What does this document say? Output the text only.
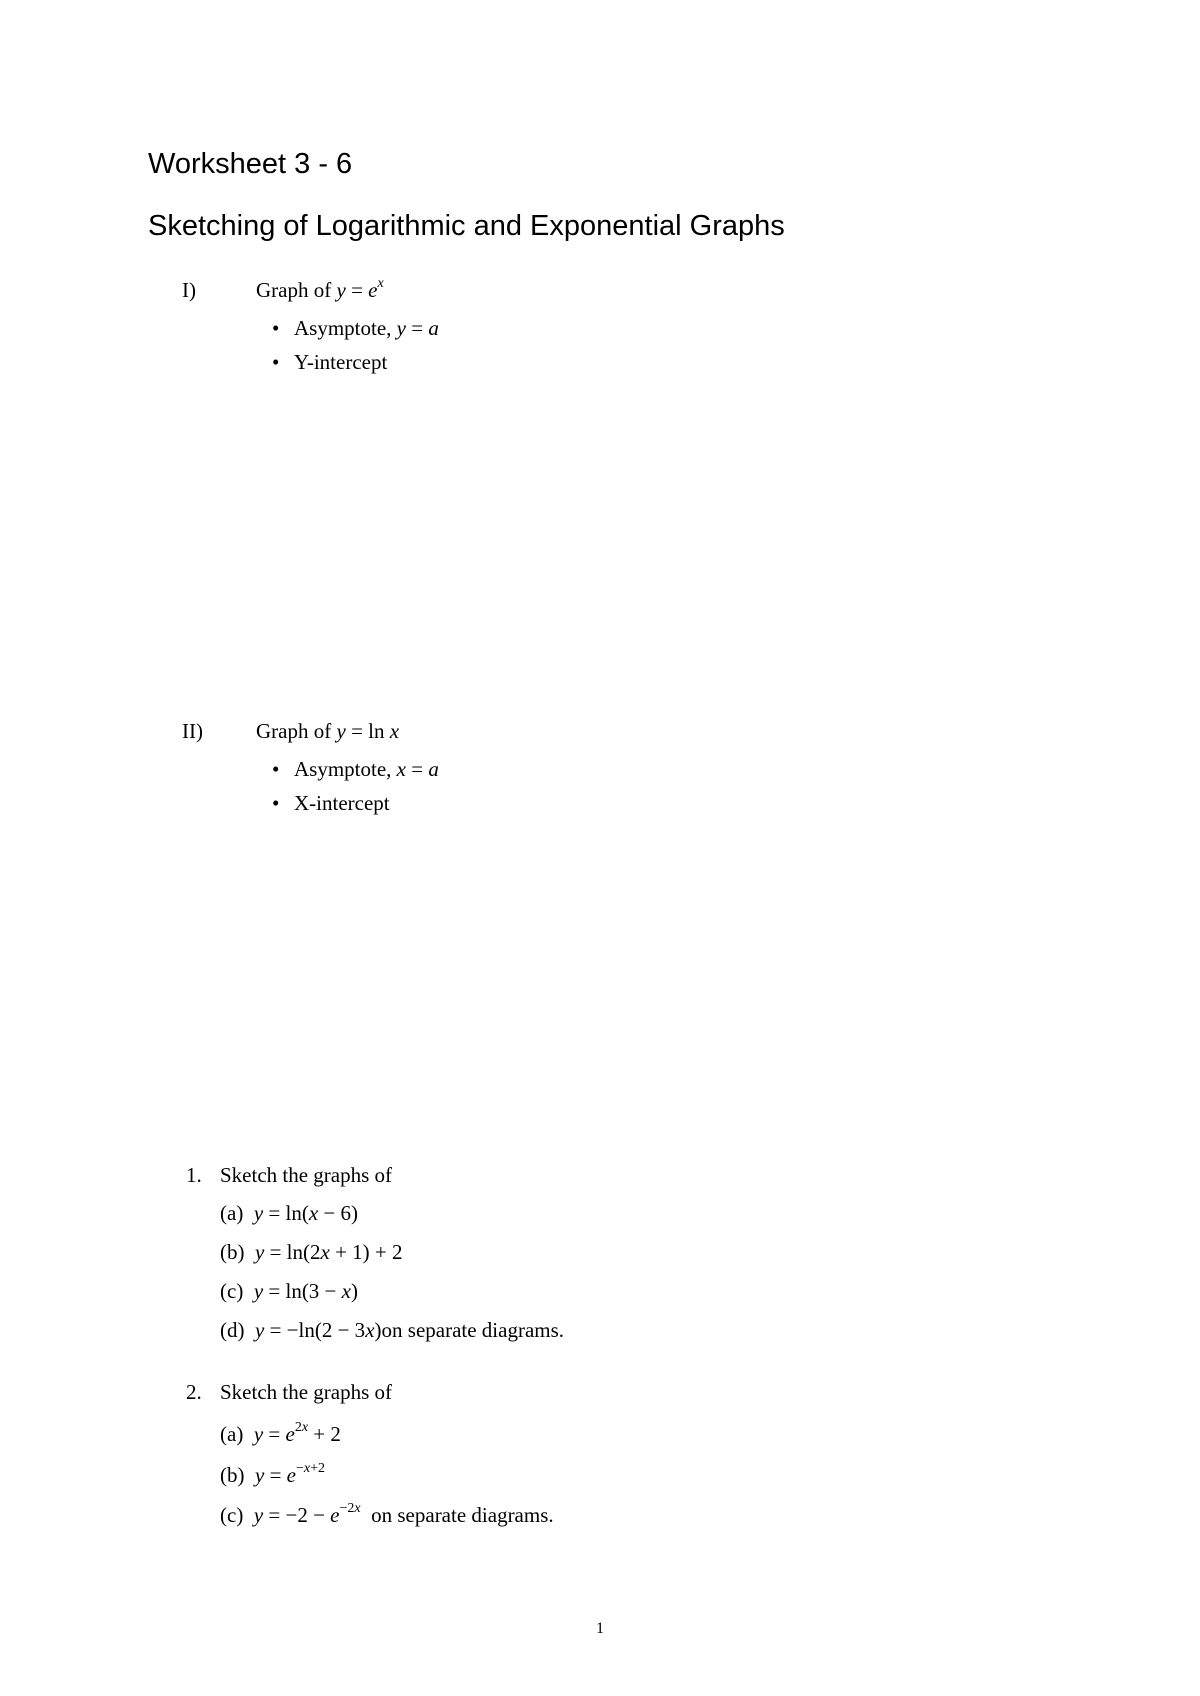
Worksheet 3 - 6
Sketching of Logarithmic and Exponential Graphs
I)	Graph of $y = e^x$
• Asymptote, y = a
• Y-intercept
II)	Graph of y = ln x
• Asymptote, x = a
• X-intercept
1. Sketch the graphs of
(a) y = ln(x − 6)
(b) y = ln(2x + 1) + 2
(c) y = ln(3 − x)
(d) y = −ln(2 − 3x)on separate diagrams.
2. Sketch the graphs of
(a) $y = e^{2x} + 2$
(b) $y = e^{-x+2}$
(c) $y = -2 - e^{-2x}$ on separate diagrams.
1
